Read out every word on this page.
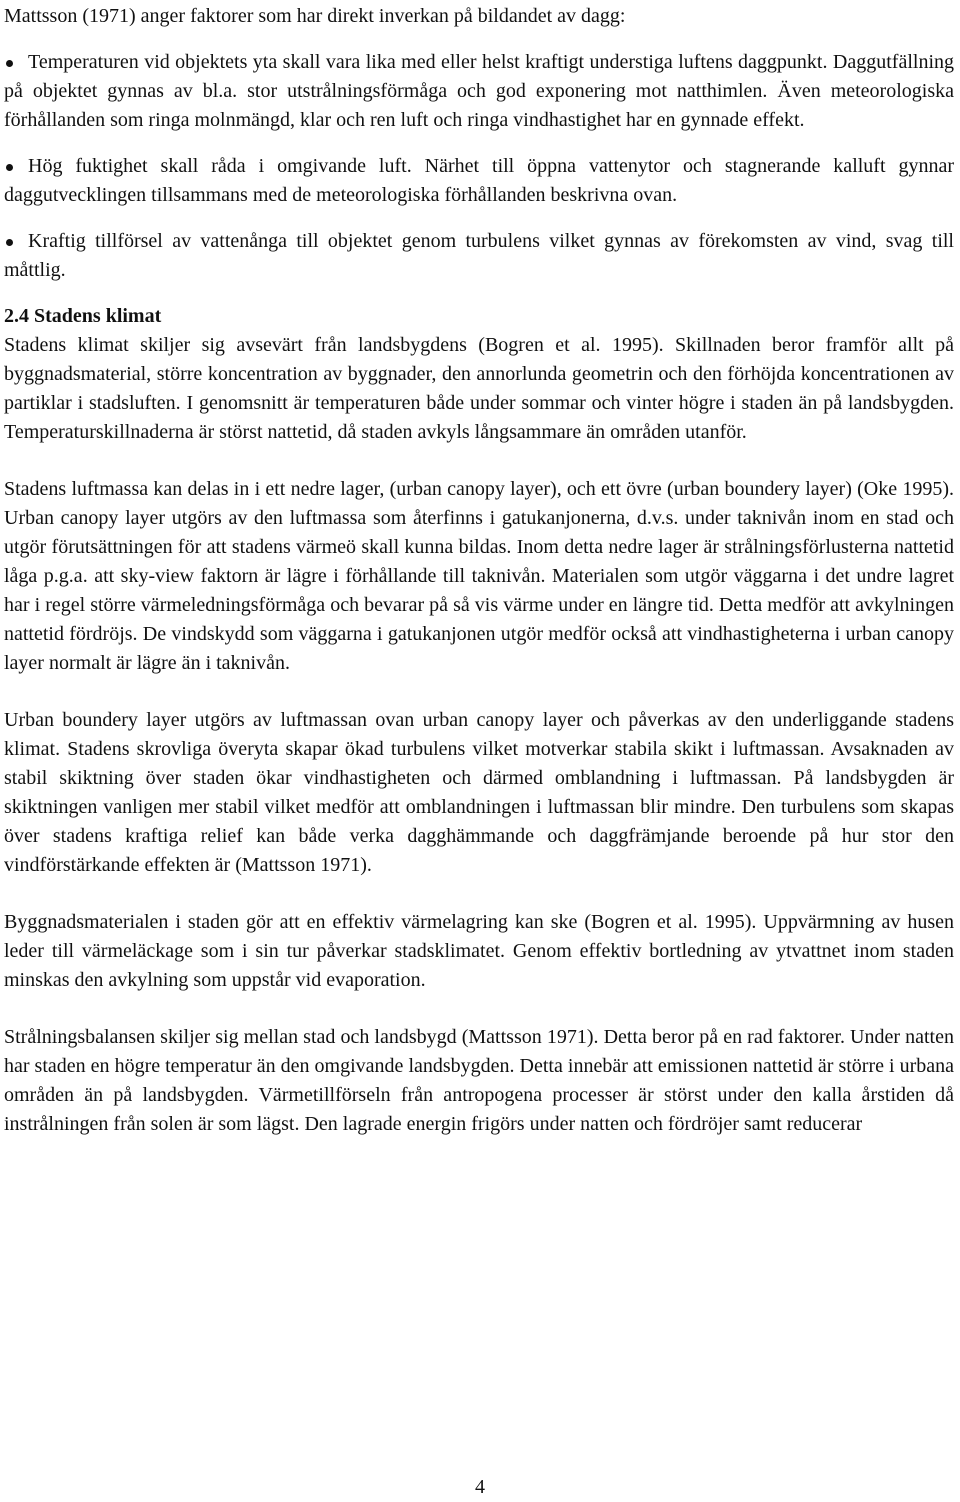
Mattsson (1971) anger faktorer som har direkt inverkan på bildandet av dagg:

Temperaturen vid objektets yta skall vara lika med eller helst kraftigt understiga luftens daggpunkt. Daggutfällning på objektet gynnas av bl.a. stor utstrålningsförmåga och god exponering mot natthimlen. Även meteorologiska förhållanden som ringa molnmängd, klar och ren luft och ringa vindhastighet har en gynnade effekt.

Hög fuktighet skall råda i omgivande luft. Närhet till öppna vattenytor och stagnerande kalluft gynnar daggutvecklingen tillsammans med de meteorologiska förhållanden beskrivna ovan.

Kraftig tillförsel av vattenånga till objektet genom turbulens vilket gynnas av förekomsten av vind, svag till måttlig.

2.4 Stadens klimat

Stadens klimat skiljer sig avsevärt från landsbygdens (Bogren et al. 1995). Skillnaden beror framför allt på byggnadsmaterial, större koncentration av byggnader, den annorlunda geometrin och den förhöjda koncentrationen av partiklar i stadsluften. I genomsnitt är temperaturen både under sommar och vinter högre i staden än på landsbygden. Temperaturskillnaderna är störst nattetid, då staden avkyls långsammare än områden utanför.

Stadens luftmassa kan delas in i ett nedre lager, (urban canopy layer), och ett övre (urban boundery layer) (Oke 1995). Urban canopy layer utgörs av den luftmassa som återfinns i gatukanjonerna, d.v.s. under taknivån inom en stad och utgör förutsättningen för att stadens värmeö skall kunna bildas. Inom detta nedre lager är strålningsförlusterna nattetid låga p.g.a. att sky-view faktorn är lägre i förhållande till taknivån. Materialen som utgör väggarna i det undre lagret har i regel större värmeledningsförmåga och bevarar på så vis värme under en längre tid. Detta medför att avkylningen nattetid fördröjs. De vindskydd som väggarna i gatukanjonen utgör medför också att vindhastigheterna i urban canopy layer normalt är lägre än i taknivån.

Urban boundery layer utgörs av luftmassan ovan urban canopy layer och påverkas av den underliggande stadens klimat. Stadens skrovliga överyta skapar ökad turbulens vilket motverkar stabila skikt i luftmassan. Avsaknaden av stabil skiktning över staden ökar vindhastigheten och därmed omblandning i luftmassan. På landsbygden är skiktningen vanligen mer stabil vilket medför att omblandningen i luftmassan blir mindre. Den turbulens som skapas över stadens kraftiga relief kan både verka dagghämmande och daggfrämjande beroende på hur stor den vindförstärkande effekten är (Mattsson 1971).

Byggnadsmaterialen i staden gör att en effektiv värmelagring kan ske (Bogren et al. 1995). Uppvärmning av husen leder till värmeläckage som i sin tur påverkar stadsklimatet. Genom effektiv bortledning av ytvattnet inom staden minskas den avkylning som uppstår vid evaporation.

Strålningsbalansen skiljer sig mellan stad och landsbygd (Mattsson 1971). Detta beror på en rad faktorer. Under natten har staden en högre temperatur än den omgivande landsbygden. Detta innebär att emissionen nattetid är större i urbana områden än på landsbygden. Värmetillförseln från antropogena processer är störst under den kalla årstiden då instrålningen från solen är som lägst. Den lagrade energin frigörs under natten och fördröjer samt reducerar

4
